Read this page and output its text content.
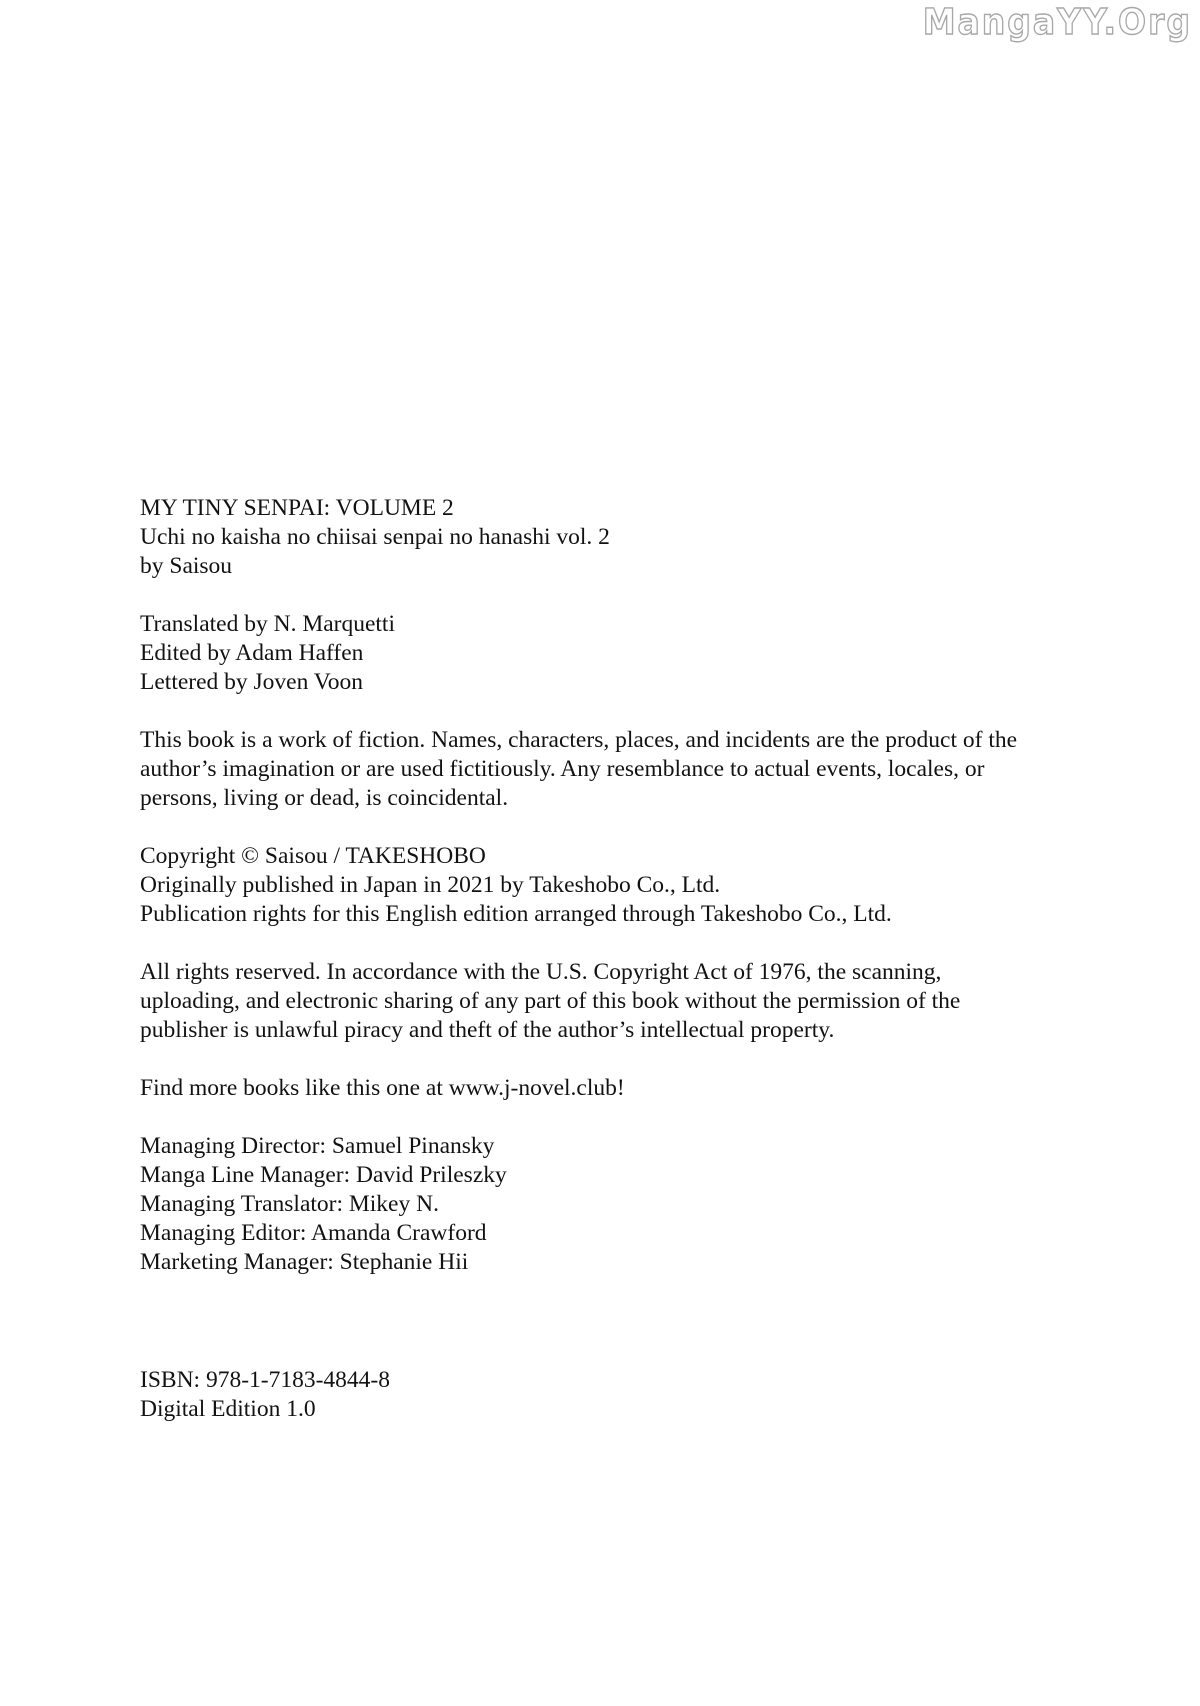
MangaYY.Org
MY TINY SENPAI: VOLUME 2
Uchi no kaisha no chiisai senpai no hanashi vol. 2
by Saisou
Translated by N. Marquetti
Edited by Adam Haffen
Lettered by Joven Voon
This book is a work of fiction. Names, characters, places, and incidents are the product of the author’s imagination or are used fictitiously. Any resemblance to actual events, locales, or persons, living or dead, is coincidental.
Copyright © Saisou / TAKESHOBO
Originally published in Japan in 2021 by Takeshobo Co., Ltd.
Publication rights for this English edition arranged through Takeshobo Co., Ltd.
All rights reserved. In accordance with the U.S. Copyright Act of 1976, the scanning, uploading, and electronic sharing of any part of this book without the permission of the publisher is unlawful piracy and theft of the author’s intellectual property.
Find more books like this one at www.j-novel.club!
Managing Director: Samuel Pinansky
Manga Line Manager: David Prileszky
Managing Translator: Mikey N.
Managing Editor: Amanda Crawford
Marketing Manager: Stephanie Hii
ISBN: 978-1-7183-4844-8
Digital Edition 1.0
